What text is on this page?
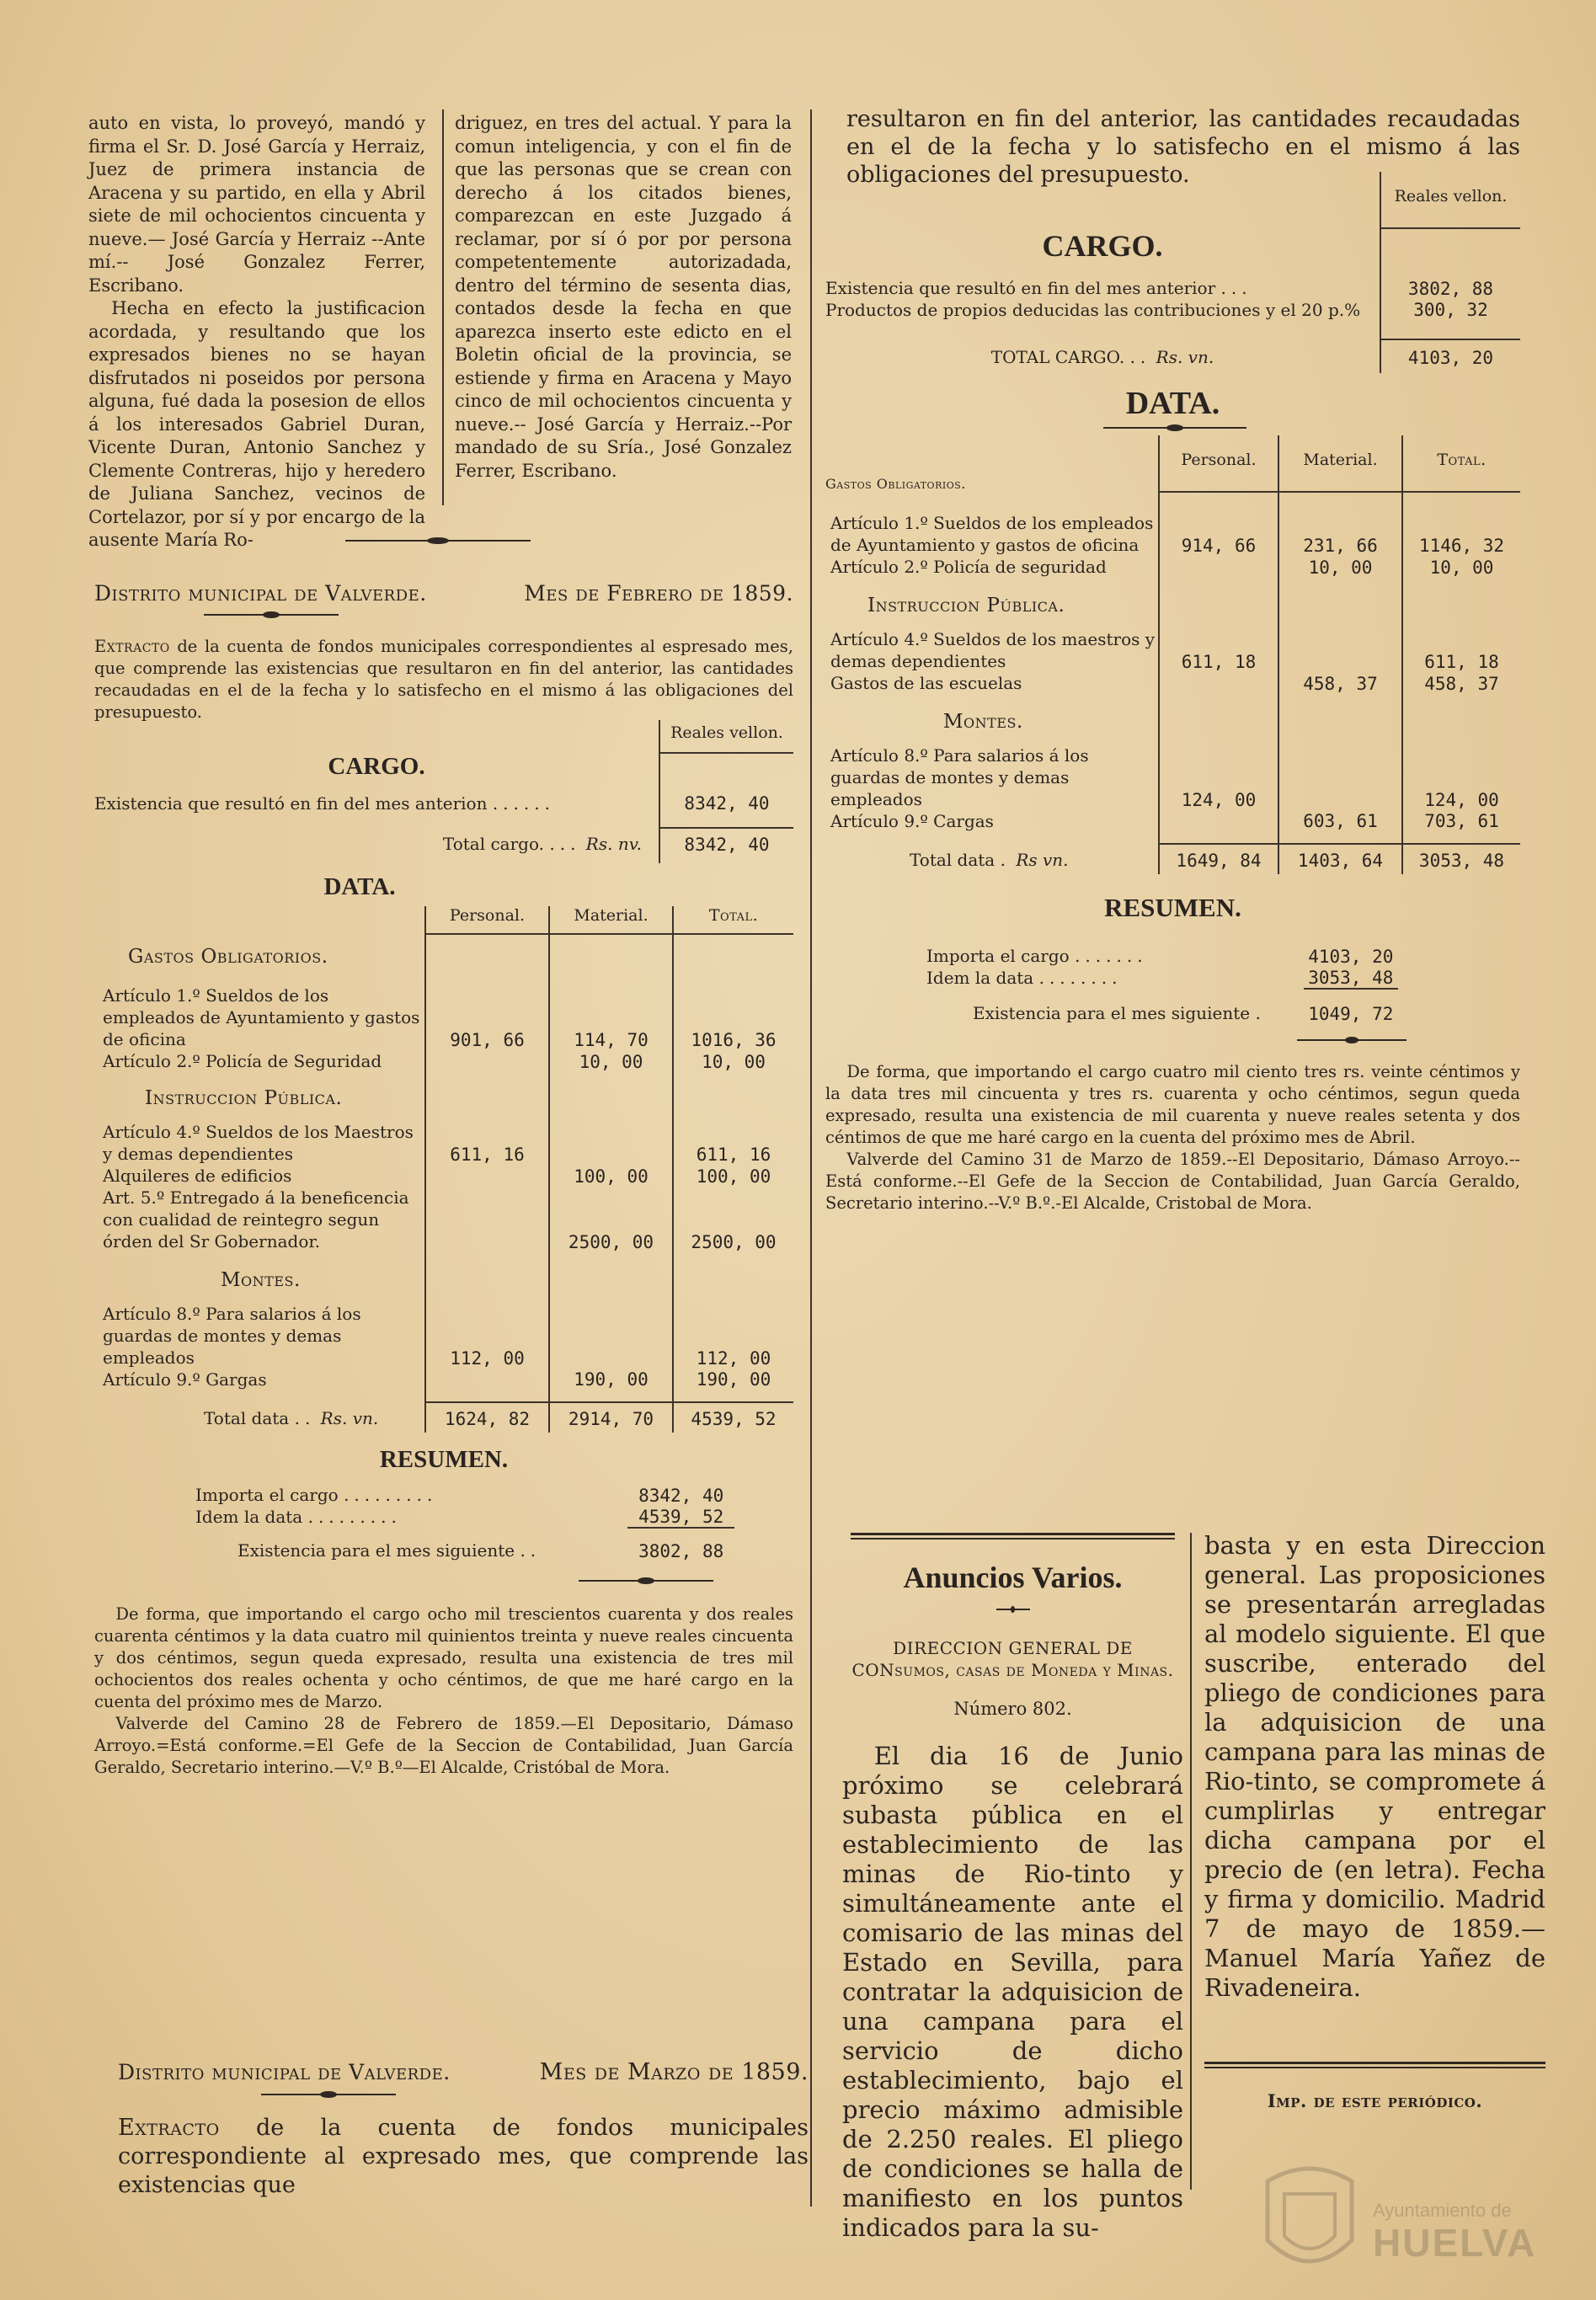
auto en vista, lo proveyó, mandó y firma el Sr. D. José García y Herraiz, Juez de primera instancia de Aracena y su partido, en ella y Abril siete de mil ochocientos cincuenta y nueve.— José García y Herraiz --Ante mí.-- José Gonzalez Ferrer, Escribano.

Hecha en efecto la justificacion acordada, y resultando que los expresados bienes no se hayan disfrutados ni poseidos por persona alguna, fué dada la posesion de ellos á los interesados Gabriel Duran, Vicente Duran, Antonio Sanchez y Clemente Contreras, hijo y heredero de Juliana Sanchez, vecinos de Cortelazor, por sí y por encargo de la ausente María Ro-

driguez, en tres del actual. Y para la comun inteligencia, y con el fin de que las personas que se crean con derecho á los citados bienes, comparezcan en este Juzgado á reclamar, por sí ó por por persona competentemente autorizadada, dentro del término de sesenta dias, contados desde la fecha en que aparezca inserto este edicto en el Boletin oficial de la provincia, se estiende y firma en Aracena y Mayo cinco de mil ochocientos cincuenta y nueve.-- José García y Herraiz.--Por mandado de su Sría., José Gonzalez Ferrer, Escribano.

Distrito municipal de Valverde.	Mes de Febrero de 1859.

Extracto de la cuenta de fondos municipales correspondientes al espresado mes, que comprende las existencias que resultaron en fin del anterior, las cantidades recaudadas en el de la fecha y lo satisfecho en el mismo á las obligaciones del presupuesto.

	Reales vellon.
CARGO.	
Existencia que resultó en fin del mes anterion ......	8342, 40
Total cargo. ... Rs. nv.	8342, 40
DATA.
	Personal.	Material.	Total.
Gastos Obligatorios.			
Artículo 1.º Sueldos de los empleados de Ayuntamiento y gastos de oficina	901, 66	114, 70	1016, 36
Artículo 2.º Policía de Seguridad		10, 00	10, 00
Instruccion Pública.			
Artículo 4.º Sueldos de los Maestros y demas dependientes	611, 16		611, 16
Alquileres de edificios		100, 00	100, 00
Art. 5.º Entregado á la beneficencia con cualidad de reintegro segun órden del Sr Gobernador.		2500, 00	2500, 00
Montes.			
Artículo 8.º Para salarios á los guardas de montes y demas empleados	112, 00		112, 00
Artículo 9.º Gargas		190, 00	190, 00
Total data .. Rs. vn.	1624, 82	2914, 70	4539, 52
RESUMEN.
Importa el cargo .........	8342, 40
Idem la data .........	4539, 52
Existencia para el mes siguiente ..	3802, 88

De forma, que importando el cargo ocho mil trescientos cuarenta y dos reales cuarenta céntimos y la data cuatro mil quinientos treinta y nueve reales cincuenta y dos céntimos, segun queda expresado, resulta una existencia de tres mil ochocientos dos reales ochenta y ocho céntimos, de que me haré cargo en la cuenta del próximo mes de Marzo.

Valverde del Camino 28 de Febrero de 1859.—El Depositario, Dámaso Arroyo.=Está conforme.=El Gefe de la Seccion de Contabilidad, Juan García Geraldo, Secretario interino.—V.º B.º—El Alcalde, Cristóbal de Mora.

Distrito municipal de Valverde.	Mes de Marzo de 1859.

Extracto de la cuenta de fondos municipales correspondiente al expresado mes, que comprende las existencias que

resultaron en fin del anterior, las cantidades recaudadas en el de la fecha y lo satisfecho en el mismo á las obligaciones del presupuesto.

	Reales vellon.
CARGO.	
Existencia que resultó en fin del mes anterior ...	3802, 88
Productos de propios deducidas las contribuciones y el 20 p.%	300, 32
TOTAL CARGO. .. Rs. vn.	4103, 20
DATA.
Gastos Obligatorios.	Personal.	Material.	Total.
Artículo 1.º Sueldos de los empleados de Ayuntamiento y gastos de oficina	914, 66	231, 66	1146, 32
Artículo 2.º Policía de seguridad		10, 00	10, 00
Instruccion Pública.			
Artículo 4.º Sueldos de los maestros y demas dependientes	611, 18		611, 18
Gastos de las escuelas		458, 37	458, 37
Montes.			
Artículo 8.º Para salarios á los guardas de montes y demas empleados	124, 00		124, 00
Artículo 9.º Cargas		603, 61	703, 61
Total data . Rs vn.	1649, 84	1403, 64	3053, 48
RESUMEN.
Importa el cargo .......	4103, 20
Idem la data ........	3053, 48
Existencia para el mes siguiente .	1049, 72

De forma, que importando el cargo cuatro mil ciento tres rs. veinte céntimos y la data tres mil cincuenta y tres rs. cuarenta y ocho céntimos, segun queda expresado, resulta una existencia de mil cuarenta y nueve reales setenta y dos céntimos de que me haré cargo en la cuenta del próximo mes de Abril.

Valverde del Camino 31 de Marzo de 1859.--El Depositario, Dámaso Arroyo.--Está conforme.--El Gefe de la Seccion de Contabilidad, Juan García Geraldo, Secretario interino.--V.º B.º.-El Alcalde, Cristobal de Mora.

Anuncios Varios.

DIRECCION GENERAL DE CONsumos, casas de Moneda y Minas.

Número 802.

El dia 16 de Junio próximo se celebrará subasta pública en el establecimiento de las minas de Rio-tinto y simultáneamente ante el comisario de las minas del Estado en Sevilla, para contratar la adquisicion de una campana para el servicio de dicho establecimiento, bajo el precio máximo admisible de 2.250 reales. El pliego de condiciones se halla de manifiesto en los puntos indicados para la su-

basta y en esta Direccion general. Las proposiciones se presentarán arregladas al modelo siguiente. El que suscribe, enterado del pliego de condiciones para la adquisicion de una campana para las minas de Rio-tinto, se compromete á cumplirlas y entregar dicha campana por el precio de (en letra). Fecha y firma y domicilio. Madrid 7 de mayo de 1859.—Manuel María Yañez de Rivadeneira.

Imp. de este periódico.

Ayuntamiento de
HUELVA
